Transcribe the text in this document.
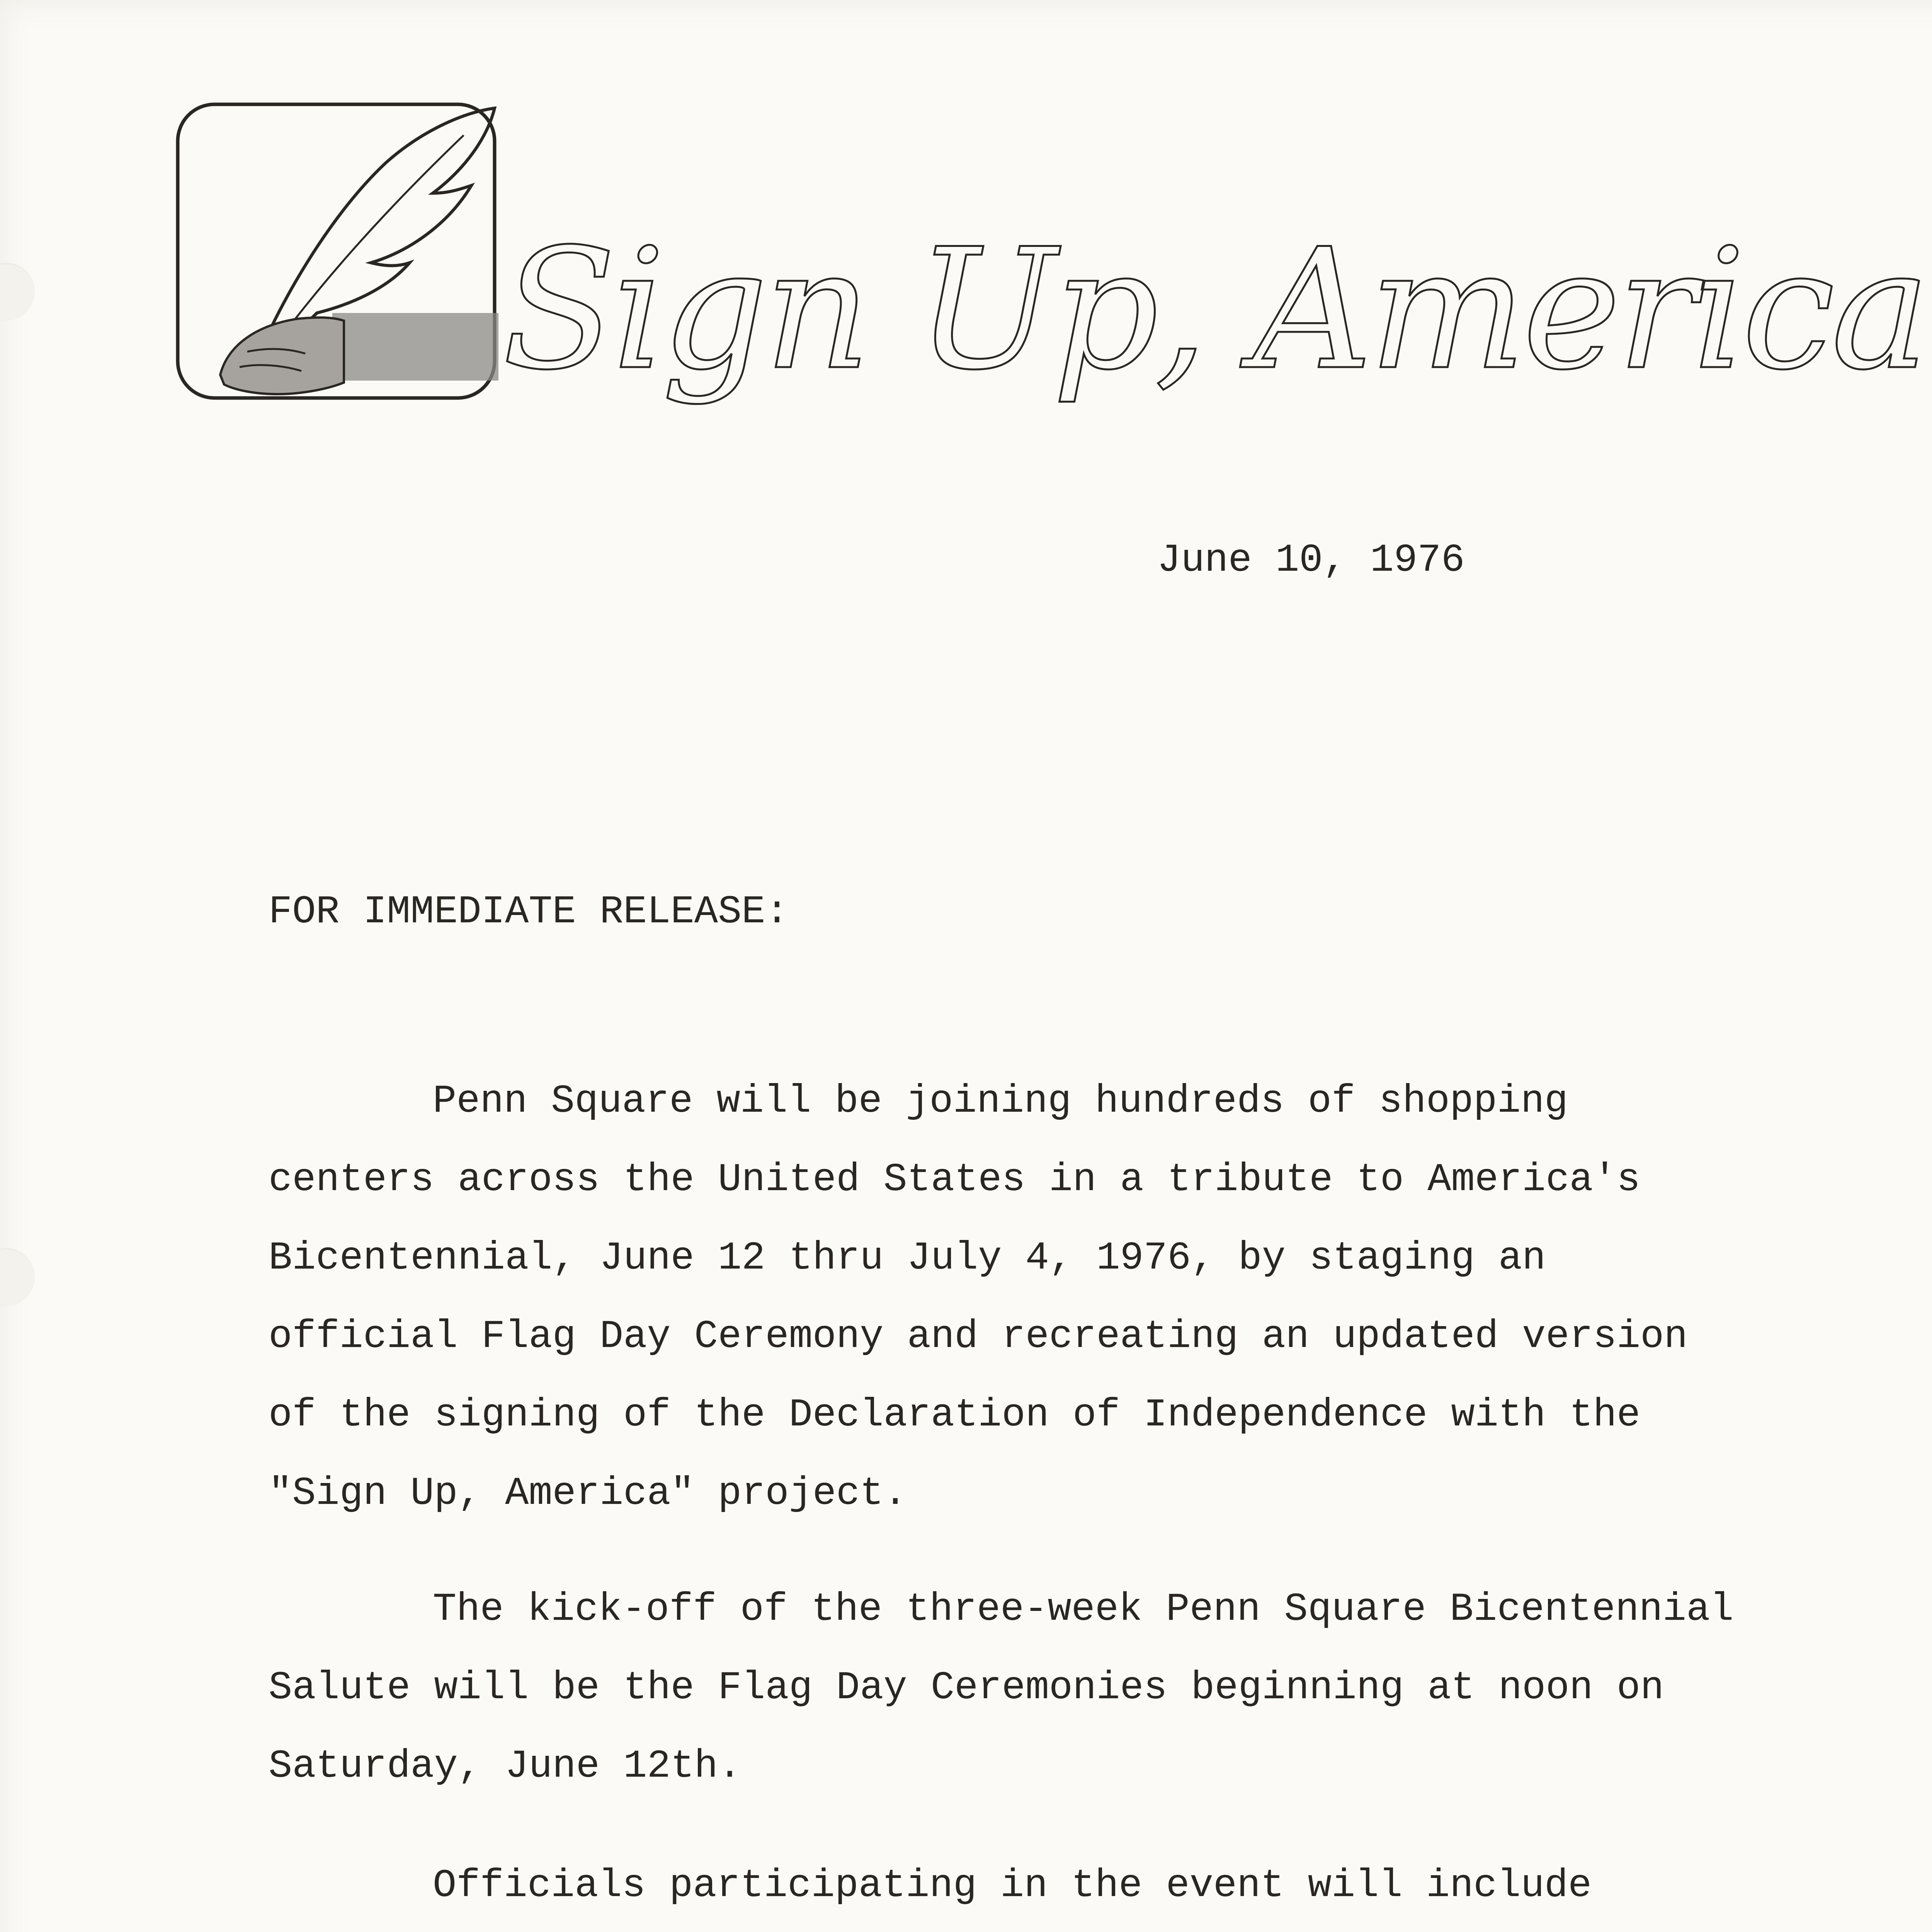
Sign Up, America
June 10, 1976
FOR IMMEDIATE RELEASE:
Penn Square will be joining hundreds of shopping
centers across the United States in a tribute to America's
Bicentennial, June 12 thru July 4, 1976, by staging an
official Flag Day Ceremony and recreating an updated version
of the signing of the Declaration of Independence with the
"Sign Up, America" project.
The kick-off of the three-week Penn Square Bicentennial
Salute will be the Flag Day Ceremonies beginning at noon on
Saturday, June 12th.
Officials participating in the event will include
